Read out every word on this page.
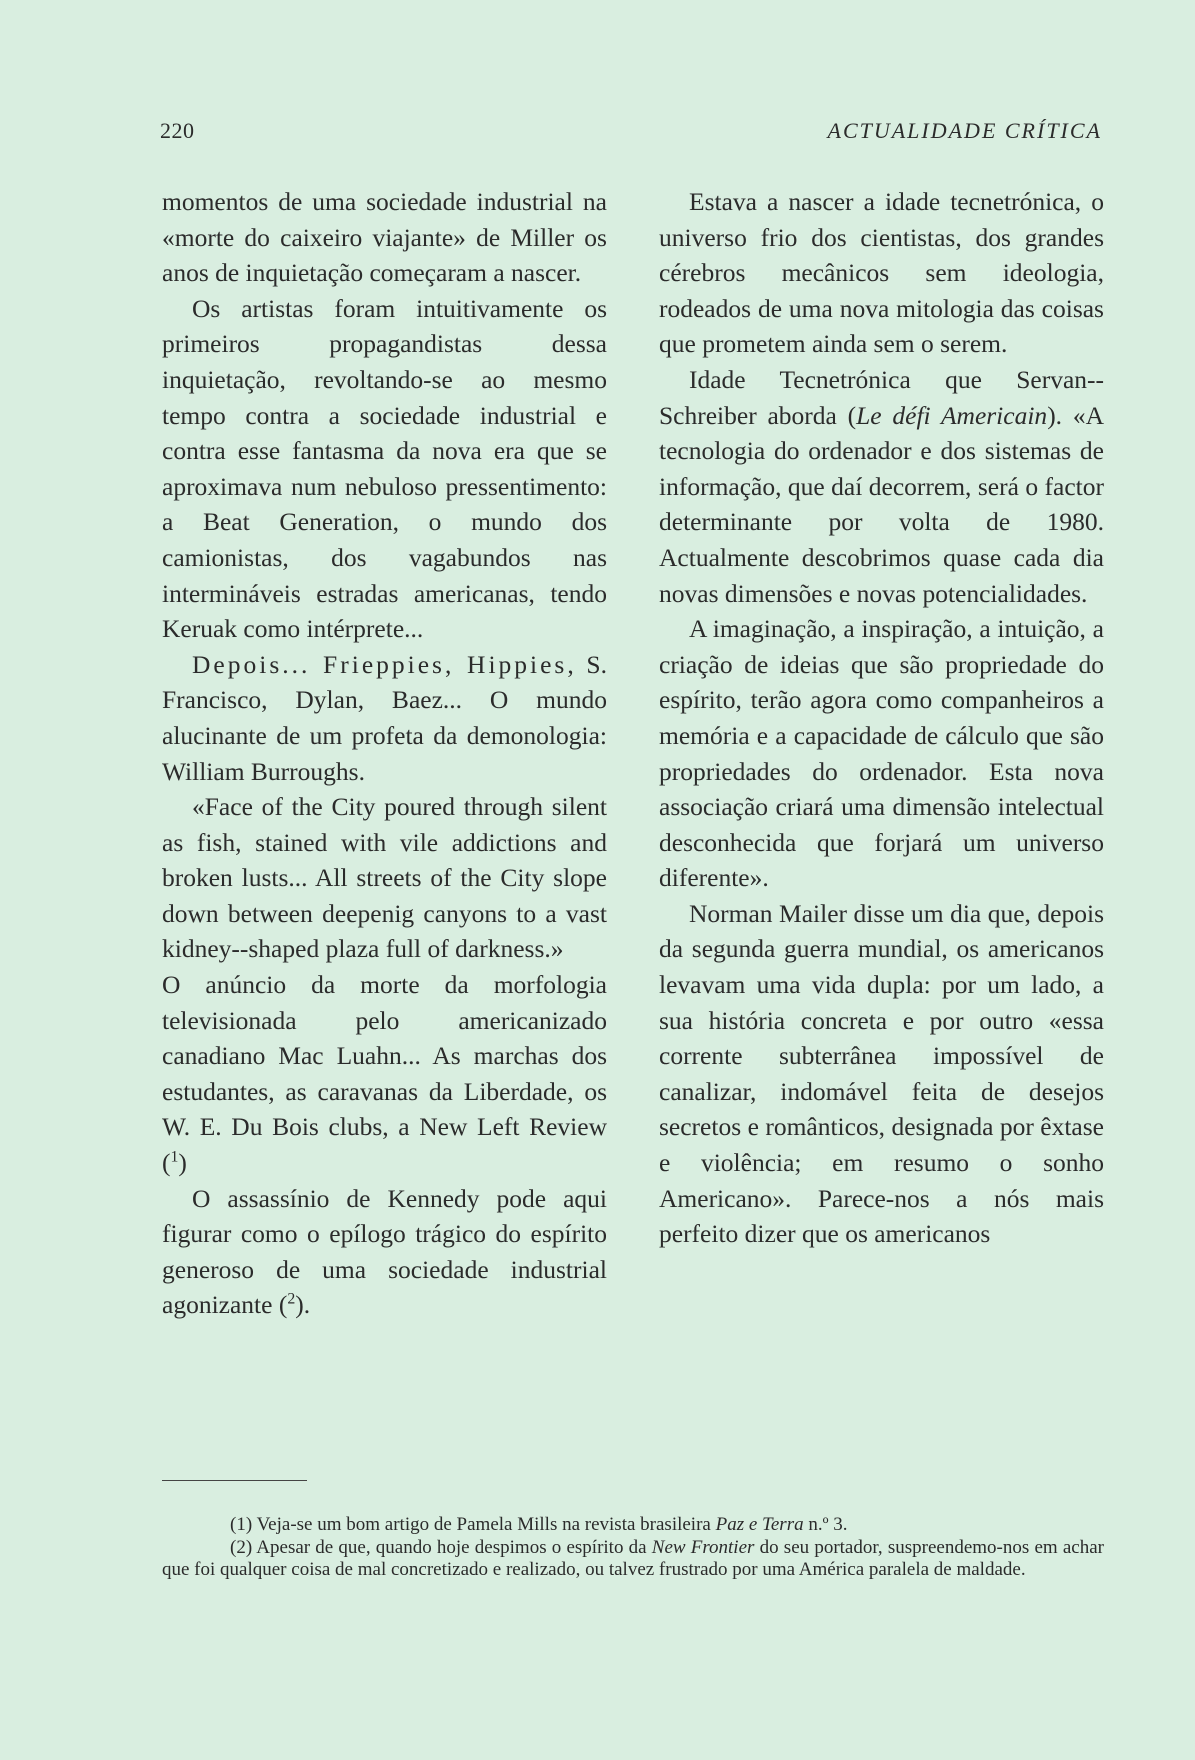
220	ACTUALIDADE CRÍTICA

momentos de uma sociedade industrial na «morte do caixeiro viajante» de Miller os anos de inquietação começaram a nascer.

Os artistas foram intuitivamente os primeiros propagandistas dessa inquietação, revoltando-se ao mesmo tempo contra a sociedade industrial e contra esse fantasma da nova era que se aproximava num nebuloso pressentimento: a Beat Generation, o mundo dos camionistas, dos vagabundos nas intermináveis estradas americanas, tendo Keruak como intérprete...

Depois... Frieppies, Hippies, S. Francisco, Dylan, Baez... O mundo alucinante de um profeta da demonologia: William Burroughs.

«Face of the City poured through silent as fish, stained with vile addictions and broken lusts... All streets of the City slope down between deepenig canyons to a vast kidney--shaped plaza full of darkness.»

O anúncio da morte da morfologia televisionada pelo americanizado canadiano Mac Luahn... As marchas dos estudantes, as caravanas da Liberdade, os W. E. Du Bois clubs, a New Left Review ($^1$)

O assassínio de Kennedy pode aqui figurar como o epílogo trágico do espírito generoso de uma sociedade industrial agonizante ($^2$).

Estava a nascer a idade tecnetrónica, o universo frio dos cientistas, dos grandes cérebros mecânicos sem ideologia, rodeados de uma nova mitologia das coisas que prometem ainda sem o serem.

Idade Tecnetrónica que Servan--Schreiber aborda (Le défi Americain). «A tecnologia do ordenador e dos sistemas de informação, que daí decorrem, será o factor determinante por volta de 1980. Actualmente descobrimos quase cada dia novas dimensões e novas potencialidades.

A imaginação, a inspiração, a intuição, a criação de ideias que são propriedade do espírito, terão agora como companheiros a memória e a capacidade de cálculo que são propriedades do ordenador. Esta nova associação criará uma dimensão intelectual desconhecida que forjará um universo diferente».

Norman Mailer disse um dia que, depois da segunda guerra mundial, os americanos levavam uma vida dupla: por um lado, a sua história concreta e por outro «essa corrente subterrânea impossível de canalizar, indomável feita de desejos secretos e românticos, designada por êxtase e violência; em resumo o sonho Americano». Parece-nos a nós mais perfeito dizer que os americanos

(1) Veja-se um bom artigo de Pamela Mills na revista brasileira Paz e Terra n.º 3.

(2) Apesar de que, quando hoje despimos o espírito da New Frontier do seu portador, suspreendemo-nos em achar que foi qualquer coisa de mal concretizado e realizado, ou talvez frustrado por uma América paralela de maldade.
